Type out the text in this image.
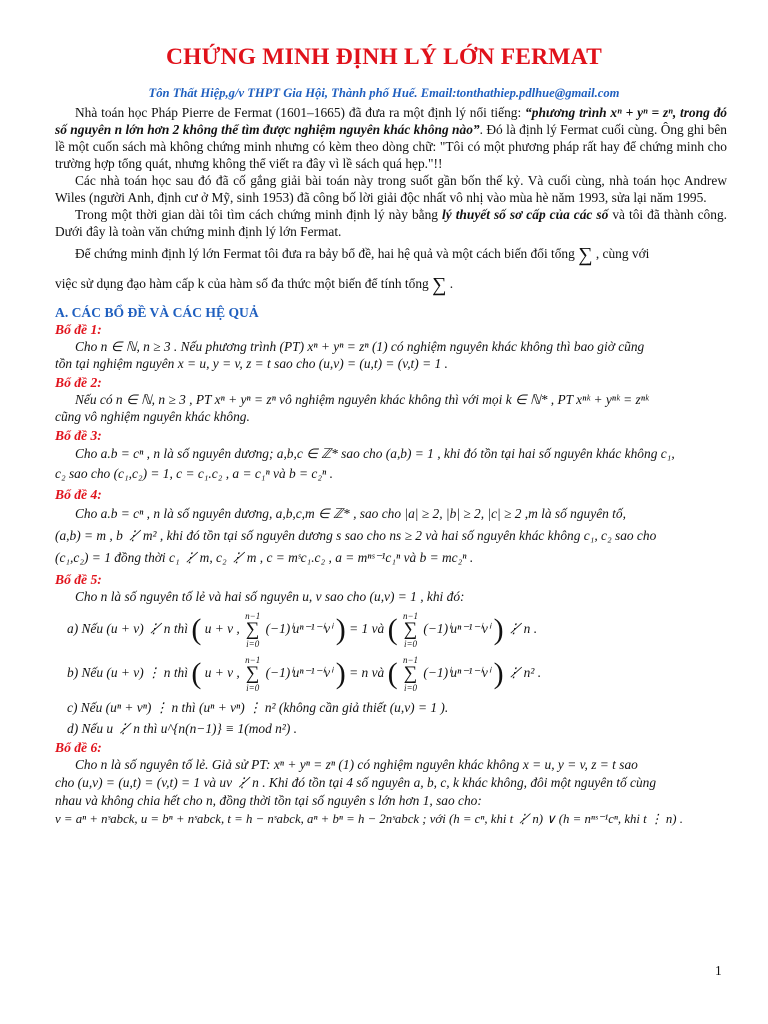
CHỨNG MINH ĐỊNH LÝ LỚN FERMAT
Tôn Thất Hiệp,g/v THPT Gia Hội, Thành phố Huế. Email:tonthathiep.pdlhue@gmail.com

Nhà toán học Pháp Pierre de Fermat (1601–1665) đã đưa ra một định lý nổi tiếng: “phương trình xⁿ + yⁿ = zⁿ, trong đó số nguyên n lớn hơn 2 không thể tìm được nghiệm nguyên khác không nào”. Đó là định lý Fermat cuối cùng. Ông ghi bên lề một cuốn sách mà không chứng minh nhưng có kèm theo dòng chữ: "Tôi có một phương pháp rất hay để chứng minh cho trường hợp tổng quát, nhưng không thể viết ra đây vì lề sách quá hẹp."!!

Các nhà toán học sau đó đã cố gắng giải bài toán này trong suốt gần bốn thế kỷ. Và cuối cùng, nhà toán học Andrew Wiles (người Anh, định cư ở Mỹ, sinh 1953) đã công bố lời giải độc nhất vô nhị vào mùa hè năm 1993, sửa lại năm 1995.

Trong một thời gian dài tôi tìm cách chứng minh định lý này bằng lý thuyết số sơ cấp của các số và tôi đã thành công. Dưới đây là toàn văn chứng minh định lý lớn Fermat.

Để chứng minh định lý lớn Fermat tôi đưa ra bảy bổ đề, hai hệ quả và một cách biến đổi tổng ∑ , cùng với

việc sử dụng đạo hàm cấp k của hàm số đa thức một biến để tính tổng ∑ .

A. CÁC BỔ ĐỀ VÀ CÁC HỆ QUẢ
Bổ đề 1:

Cho n ∈ ℕ, n ≥ 3 . Nếu phương trình (PT) xⁿ + yⁿ = zⁿ (1) có nghiệm nguyên khác không thì bao giờ cũng

tồn tại nghiệm nguyên x = u, y = v, z = t sao cho (u,v) = (u,t) = (v,t) = 1 .

Bổ đề 2:

Nếu có n ∈ ℕ, n ≥ 3 , PT xⁿ + yⁿ = zⁿ vô nghiệm nguyên khác không thì với mọi k ∈ ℕ* , PT xⁿᵏ + yⁿᵏ = zⁿᵏ

cũng vô nghiệm nguyên khác không.

Bổ đề 3:

Cho a.b = cⁿ , n là số nguyên dương; a,b,c ∈ ℤ* sao cho (a,b) = 1 , khi đó tồn tại hai số nguyên khác không c₁,

c₂ sao cho (c₁,c₂) = 1, c = c₁.c₂ , a = c₁ⁿ và b = c₂ⁿ .

Bổ đề 4:

Cho a.b = cⁿ , n là số nguyên dương, a,b,c,m ∈ ℤ* , sao cho |a| ≥ 2, |b| ≥ 2, |c| ≥ 2 ,m là số nguyên tố,

(a,b) = m , b ⋮̸ m² , khi đó tồn tại số nguyên dương s sao cho ns ≥ 2 và hai số nguyên khác không c₁, c₂ sao cho

(c₁,c₂) = 1 đồng thời c₁ ⋮̸ m, c₂ ⋮̸ m , c = mˢc₁.c₂ , a = mⁿˢ⁻¹c₁ⁿ và b = mc₂ⁿ .

Bổ đề 5:

Cho n là số nguyên tố lẻ và hai số nguyên u, v sao cho (u,v) = 1 , khi đó:

a) Nếu (u + v) ⋮̸ n thì ( u + v ,
n−1
∑
i=0
(−1)ⁱuⁿ⁻¹⁻ⁱvⁱ ) = 1 và ( n−1
∑
i=0
(−1)ⁱuⁿ⁻¹⁻ⁱvⁱ ) ⋮̸ n .
b) Nếu (u + v) ⋮ n thì ( u + v ,
n−1
∑
i=0
(−1)ⁱuⁿ⁻¹⁻ⁱvⁱ ) = n và ( n−1
∑
i=0
(−1)ⁱuⁿ⁻¹⁻ⁱvⁱ ) ⋮̸ n² .

c) Nếu (uⁿ + vⁿ) ⋮ n thì (uⁿ + vⁿ) ⋮ n² (không cần giả thiết (u,v) = 1 ).

d) Nếu u ⋮̸ n thì u^{n(n−1)} ≡ 1(mod n²) .

Bổ đề 6:

Cho n là số nguyên tố lẻ. Giả sử PT: xⁿ + yⁿ = zⁿ (1) có nghiệm nguyên khác không x = u, y = v, z = t sao

cho (u,v) = (u,t) = (v,t) = 1 và uv ⋮̸ n . Khi đó tồn tại 4 số nguyên a, b, c, k khác không, đôi một nguyên tố cùng

nhau và không chia hết cho n, đồng thời tồn tại số nguyên s lớn hơn 1, sao cho:

v = aⁿ + nˢabck, u = bⁿ + nˢabck, t = h − nˢabck, aⁿ + bⁿ = h − 2nˢabck ; với (h = cⁿ, khi t ⋮̸ n) ∨ (h = nⁿˢ⁻¹cⁿ, khi t ⋮ n) .

1
